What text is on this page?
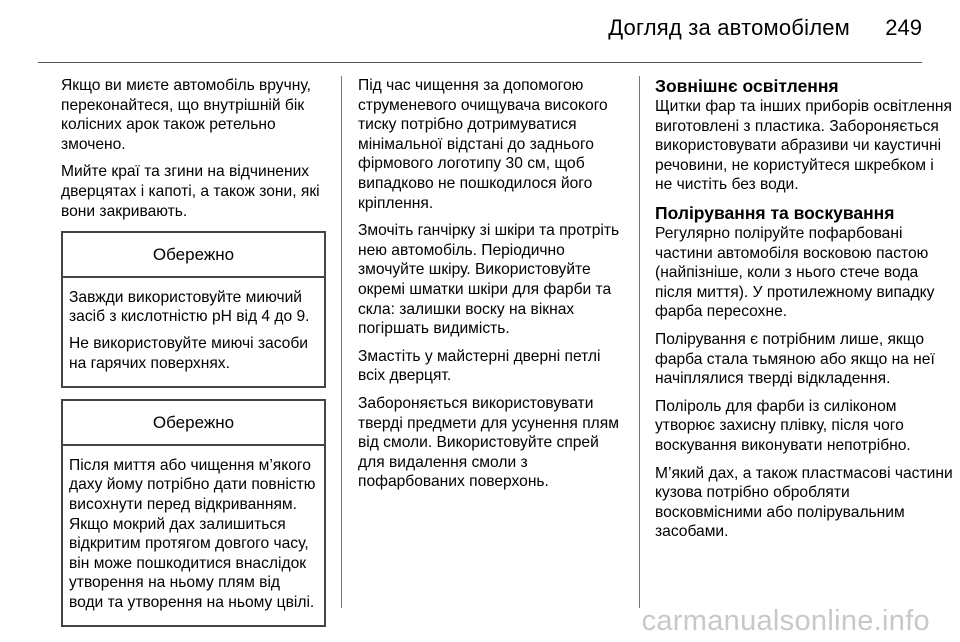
Догляд за автомобілем 249

Якщо ви миєте автомобіль вручну, переконайтеся, що внутрішній бік колісних арок також ретельно змочено.

Мийте краї та згини на відчинених дверцятах і капоті, а також зони, які вони закривають.

Обережно

Завжди використовуйте миючий засіб з кислотністю pH від 4 до 9.

Не використовуйте миючі засоби на гарячих поверхнях.

Обережно

Після миття або чищення м’якого даху йому потрібно дати повністю висохнути перед відкриванням. Якщо мокрий дах залишиться відкритим протягом довгого часу, він може пошкодитися внаслідок утворення на ньому плям від води та утворення на ньому цвілі.

Під час чищення за допомогою струменевого очищувача високого тиску потрібно дотримуватися мінімальної відстані до заднього фірмового логотипу 30 см, щоб випадково не пошкодилося його кріплення.

Змочіть ганчірку зі шкіри та протріть нею автомобіль. Періодично змочуйте шкіру. Використовуйте окремі шматки шкіри для фарби та скла: залишки воску на вікнах погіршать видимість.

Змастіть у майстерні дверні петлі всіх дверцят.

Забороняється використовувати тверді предмети для усунення плям від смоли. Використовуйте спрей для видалення смоли з пофарбованих поверхонь.

Зовнішнє освітлення

Щитки фар та інших приборів освітлення виготовлені з пластика. Забороняється використовувати абразиви чи каустичні речовини, не користуйтеся шкребком і не чистіть без води.

Полірування та воскування

Регулярно поліруйте пофарбовані частини автомобіля восковою пастою (найпізніше, коли з нього стече вода після миття). У протилежному випадку фарба пересохне.

Полірування є потрібним лише, якщо фарба стала тьмяною або якщо на неї начіплялися тверді відкладення.

Поліроль для фарби із силіконом утворює захисну плівку, після чого воскування виконувати непотрібно.

М’який дах, а також пластмасові частини кузова потрібно обробляти восковмісними або полірувальним засобами.

carmanualsonline.info
